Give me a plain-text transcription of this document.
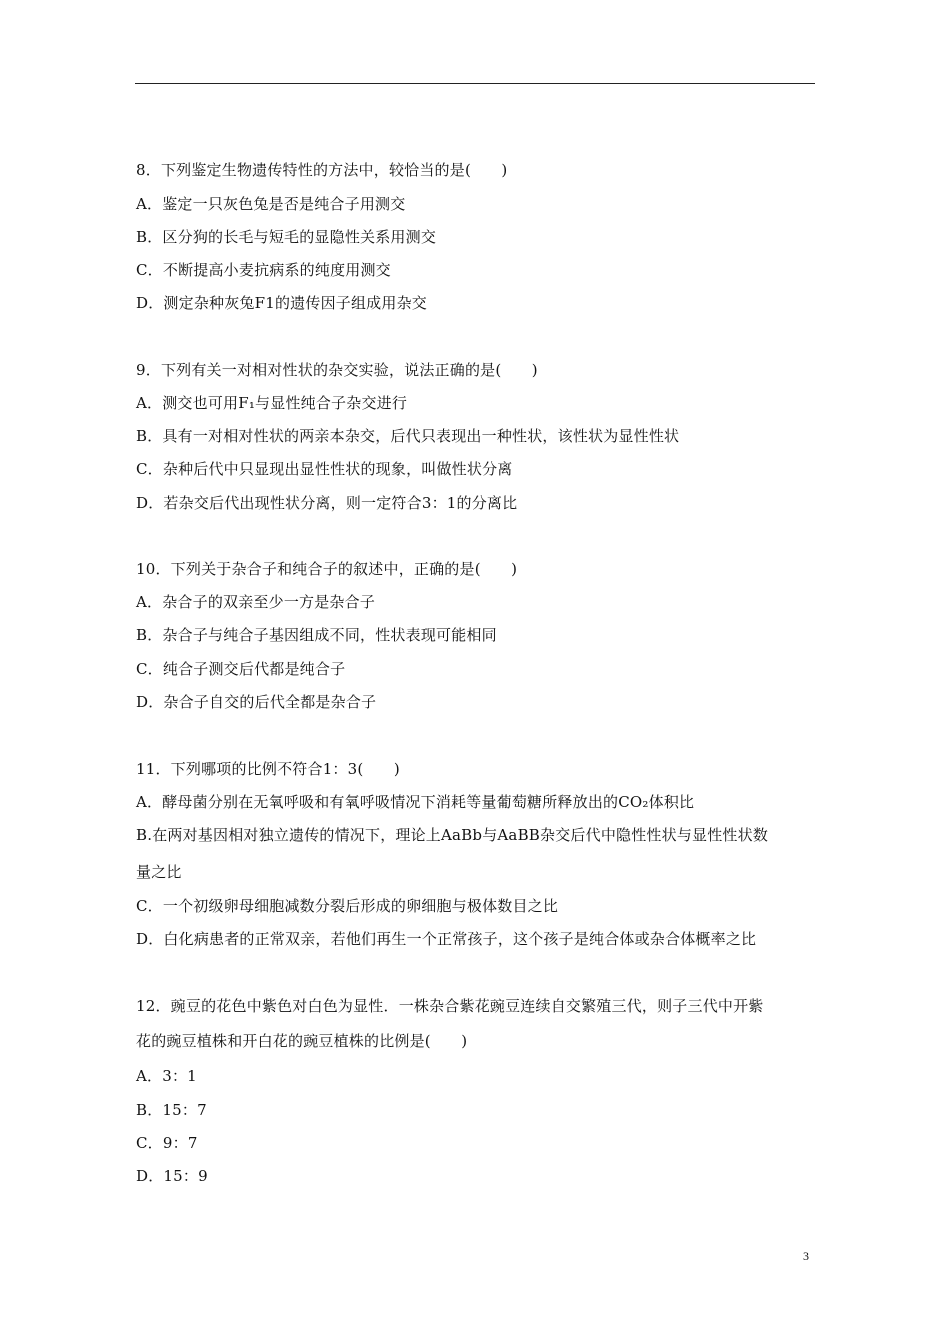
8．下列鉴定生物遗传特性的方法中，较恰当的是(　　)
A．鉴定一只灰色兔是否是纯合子用测交
B．区分狗的长毛与短毛的显隐性关系用测交
C．不断提高小麦抗病系的纯度用测交
D．测定杂种灰兔F1的遗传因子组成用杂交
9．下列有关一对相对性状的杂交实验，说法正确的是(　　)
A．测交也可用F₁与显性纯合子杂交进行
B．具有一对相对性状的两亲本杂交，后代只表现出一种性状，该性状为显性性状
C．杂种后代中只显现出显性性状的现象，叫做性状分离
D．若杂交后代出现性状分离，则一定符合3：1的分离比
10．下列关于杂合子和纯合子的叙述中，正确的是(　　)
A．杂合子的双亲至少一方是杂合子
B．杂合子与纯合子基因组成不同，性状表现可能相同
C．纯合子测交后代都是纯合子
D．杂合子自交的后代全都是杂合子
11．下列哪项的比例不符合1：3(　　)
A．酵母菌分别在无氧呼吸和有氧呼吸情况下消耗等量葡萄糖所释放出的CO₂体积比
B.在两对基因相对独立遗传的情况下，理论上AaBb与AaBB杂交后代中隐性性状与显性性状数
量之比
C．一个初级卵母细胞减数分裂后形成的卵细胞与极体数目之比
D．白化病患者的正常双亲，若他们再生一个正常孩子，这个孩子是纯合体或杂合体概率之比
12．豌豆的花色中紫色对白色为显性．一株杂合紫花豌豆连续自交繁殖三代，则子三代中开紫
花的豌豆植株和开白花的豌豆植株的比例是(　　)
A．3：1
B．15：7
C．9：7
D．15：9
3
